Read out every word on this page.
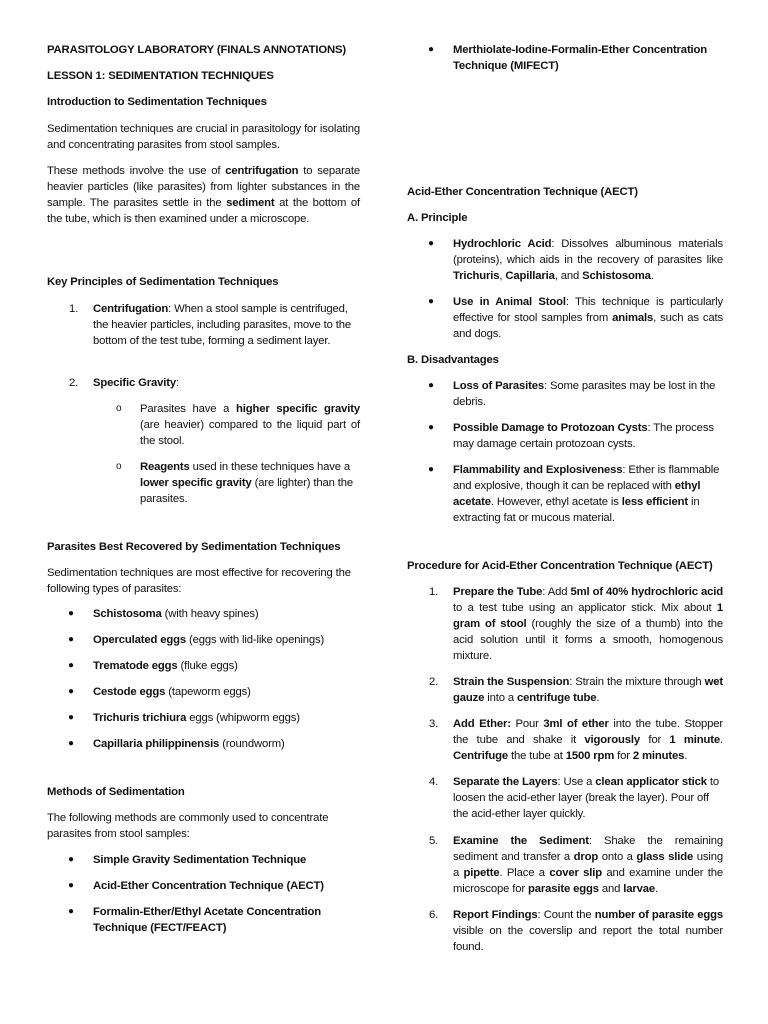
PARASITOLOGY LABORATORY (FINALS ANNOTATIONS)

LESSON 1: SEDIMENTATION TECHNIQUES

Introduction to Sedimentation Techniques

Sedimentation techniques are crucial in parasitology for isolating and concentrating parasites from stool samples.

These methods involve the use of centrifugation to separate heavier particles (like parasites) from lighter substances in the sample. The parasites settle in the sediment at the bottom of the tube, which is then examined under a microscope.

Key Principles of Sedimentation Techniques

1.	Centrifugation: When a stool sample is centrifuged, the heavier particles, including parasites, move to the bottom of the test tube, forming a sediment layer.
2.	Specific Gravity:
o	Parasites have a higher specific gravity (are heavier) compared to the liquid part of the stool.
o	Reagents used in these techniques have a lower specific gravity (are lighter) than the parasites.

Parasites Best Recovered by Sedimentation Techniques

Sedimentation techniques are most effective for recovering the following types of parasites:

●	Schistosoma (with heavy spines)
●	Operculated eggs (eggs with lid-like openings)
●	Trematode eggs (fluke eggs)
●	Cestode eggs (tapeworm eggs)
●	Trichuris trichiura eggs (whipworm eggs)
●	Capillaria philippinensis (roundworm)

Methods of Sedimentation

The following methods are commonly used to concentrate parasites from stool samples:

●	Simple Gravity Sedimentation Technique
●	Acid-Ether Concentration Technique (AECT)
●	Formalin-Ether/Ethyl Acetate Concentration Technique (FECT/FEACT)
●	Merthiolate-Iodine-Formalin-Ether Concentration Technique (MIFECT)

Acid-Ether Concentration Technique (AECT)

A. Principle

●	Hydrochloric Acid: Dissolves albuminous materials (proteins), which aids in the recovery of parasites like Trichuris, Capillaria, and Schistosoma.
●	Use in Animal Stool: This technique is particularly effective for stool samples from animals, such as cats and dogs.

B. Disadvantages

●	Loss of Parasites: Some parasites may be lost in the debris.
●	Possible Damage to Protozoan Cysts: The process may damage certain protozoan cysts.
●	Flammability and Explosiveness: Ether is flammable and explosive, though it can be replaced with ethyl acetate. However, ethyl acetate is less efficient in extracting fat or mucous material.

Procedure for Acid-Ether Concentration Technique (AECT)

1.	Prepare the Tube: Add 5ml of 40% hydrochloric acid to a test tube using an applicator stick. Mix about 1 gram of stool (roughly the size of a thumb) into the acid solution until it forms a smooth, homogenous mixture.
2.	Strain the Suspension: Strain the mixture through wet gauze into a centrifuge tube.
3.	Add Ether: Pour 3ml of ether into the tube. Stopper the tube and shake it vigorously for 1 minute. Centrifuge the tube at 1500 rpm for 2 minutes.
4.	Separate the Layers: Use a clean applicator stick to loosen the acid-ether layer (break the layer). Pour off the acid-ether layer quickly.
5.	Examine the Sediment: Shake the remaining sediment and transfer a drop onto a glass slide using a pipette. Place a cover slip and examine under the microscope for parasite eggs and larvae.
6.	Report Findings: Count the number of parasite eggs visible on the coverslip and report the total number found.
